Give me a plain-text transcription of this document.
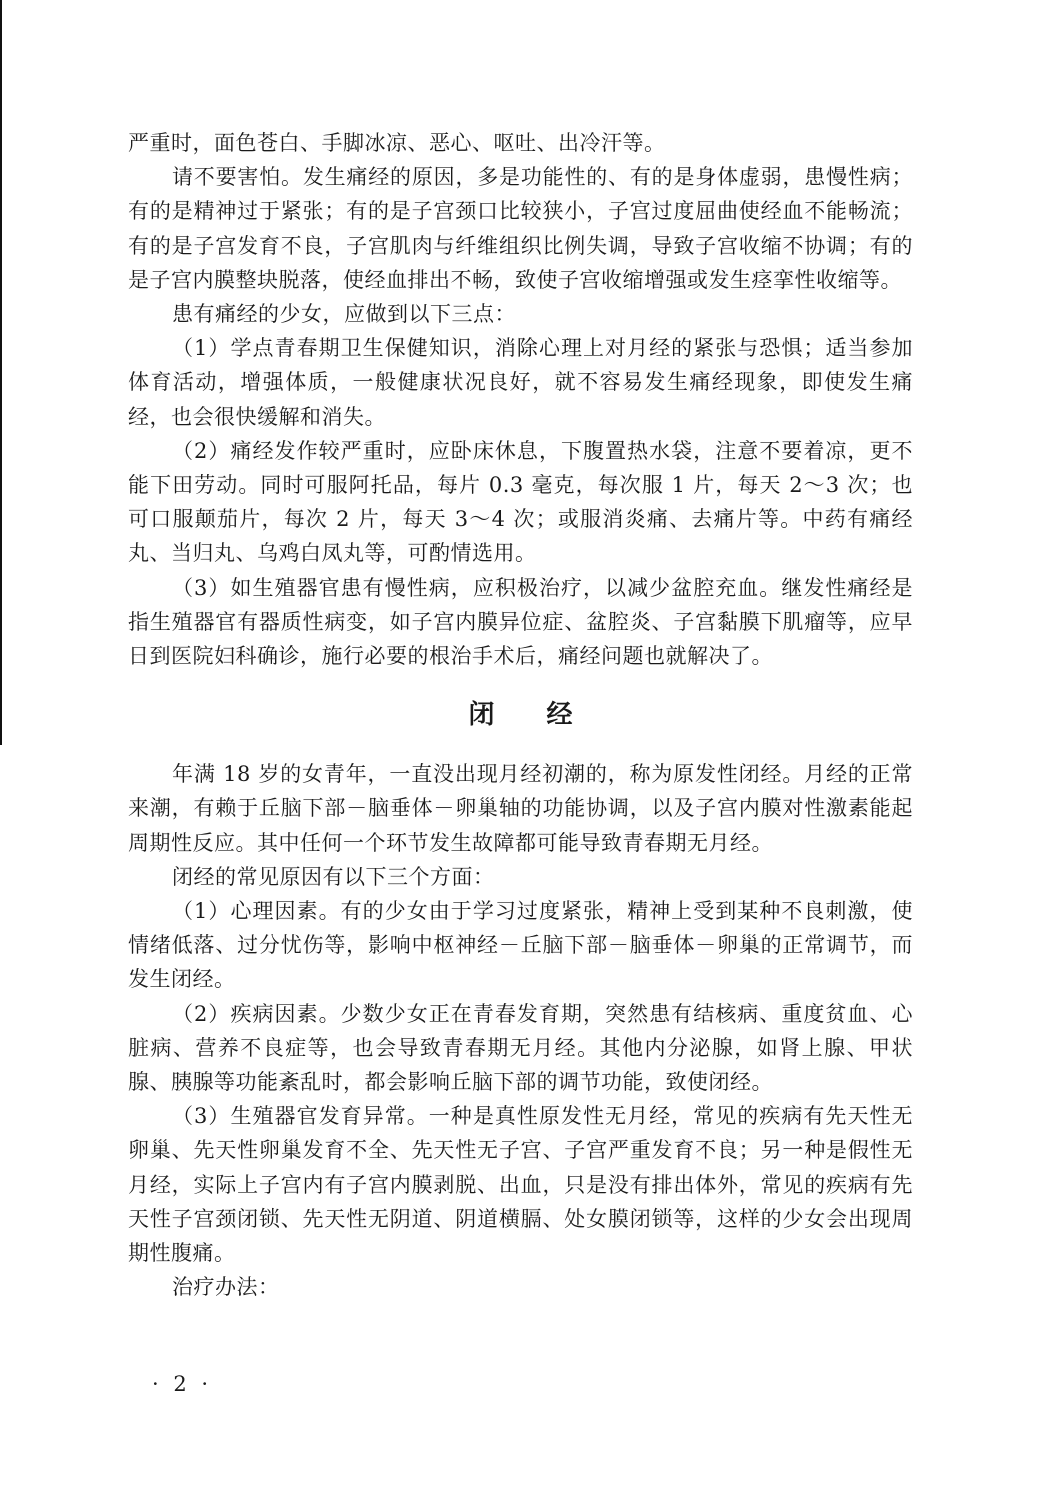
严重时，面色苍白、手脚冰凉、恶心、呕吐、出冷汗等。

请不要害怕。发生痛经的原因，多是功能性的、有的是身体虚弱，患慢性病；有的是精神过于紧张；有的是子宫颈口比较狭小，子宫过度屈曲使经血不能畅流；有的是子宫发育不良，子宫肌肉与纤维组织比例失调，导致子宫收缩不协调；有的是子宫内膜整块脱落，使经血排出不畅，致使子宫收缩增强或发生痉挛性收缩等。

患有痛经的少女，应做到以下三点：

（1）学点青春期卫生保健知识，消除心理上对月经的紧张与恐惧；适当参加体育活动，增强体质，一般健康状况良好，就不容易发生痛经现象，即使发生痛经，也会很快缓解和消失。

（2）痛经发作较严重时，应卧床休息，下腹置热水袋，注意不要着凉，更不能下田劳动。同时可服阿托品，每片 0.3 毫克，每次服 1 片，每天 2～3 次；也可口服颠茄片，每次 2 片，每天 3～4 次；或服消炎痛、去痛片等。中药有痛经丸、当归丸、乌鸡白凤丸等，可酌情选用。

（3）如生殖器官患有慢性病，应积极治疗，以减少盆腔充血。继发性痛经是指生殖器官有器质性病变，如子宫内膜异位症、盆腔炎、子宫黏膜下肌瘤等，应早日到医院妇科确诊，施行必要的根治手术后，痛经问题也就解决了。

闭经

年满 18 岁的女青年，一直没出现月经初潮的，称为原发性闭经。月经的正常来潮，有赖于丘脑下部－脑垂体－卵巢轴的功能协调，以及子宫内膜对性激素能起周期性反应。其中任何一个环节发生故障都可能导致青春期无月经。

闭经的常见原因有以下三个方面：

（1）心理因素。有的少女由于学习过度紧张，精神上受到某种不良刺激，使情绪低落、过分忧伤等，影响中枢神经－丘脑下部－脑垂体－卵巢的正常调节，而发生闭经。

（2）疾病因素。少数少女正在青春发育期，突然患有结核病、重度贫血、心脏病、营养不良症等，也会导致青春期无月经。其他内分泌腺，如肾上腺、甲状腺、胰腺等功能紊乱时，都会影响丘脑下部的调节功能，致使闭经。

（3）生殖器官发育异常。一种是真性原发性无月经，常见的疾病有先天性无卵巢、先天性卵巢发育不全、先天性无子宫、子宫严重发育不良；另一种是假性无月经，实际上子宫内有子宫内膜剥脱、出血，只是没有排出体外，常见的疾病有先天性子宫颈闭锁、先天性无阴道、阴道横膈、处女膜闭锁等，这样的少女会出现周期性腹痛。

治疗办法：

· 2 ·
